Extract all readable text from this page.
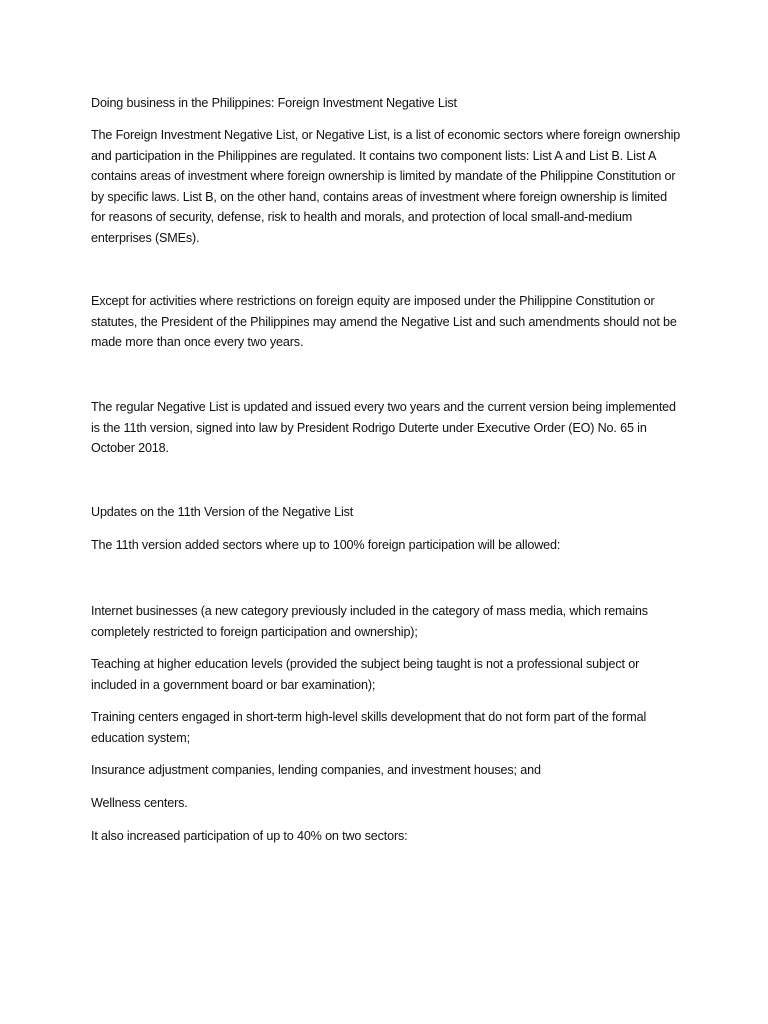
Doing business in the Philippines: Foreign Investment Negative List

The Foreign Investment Negative List, or Negative List, is a list of economic sectors where foreign ownership and participation in the Philippines are regulated. It contains two component lists: List A and List B. List A contains areas of investment where foreign ownership is limited by mandate of the Philippine Constitution or by specific laws. List B, on the other hand, contains areas of investment where foreign ownership is limited for reasons of security, defense, risk to health and morals, and protection of local small-and-medium enterprises (SMEs).

Except for activities where restrictions on foreign equity are imposed under the Philippine Constitution or statutes, the President of the Philippines may amend the Negative List and such amendments should not be made more than once every two years.

The regular Negative List is updated and issued every two years and the current version being implemented is the 11th version, signed into law by President Rodrigo Duterte under Executive Order (EO) No. 65 in October 2018.

Updates on the 11th Version of the Negative List

The 11th version added sectors where up to 100% foreign participation will be allowed:

Internet businesses (a new category previously included in the category of mass media, which remains completely restricted to foreign participation and ownership);

Teaching at higher education levels (provided the subject being taught is not a professional subject or included in a government board or bar examination);

Training centers engaged in short-term high-level skills development that do not form part of the formal education system;

Insurance adjustment companies, lending companies, and investment houses; and

Wellness centers.

It also increased participation of up to 40% on two sectors:
